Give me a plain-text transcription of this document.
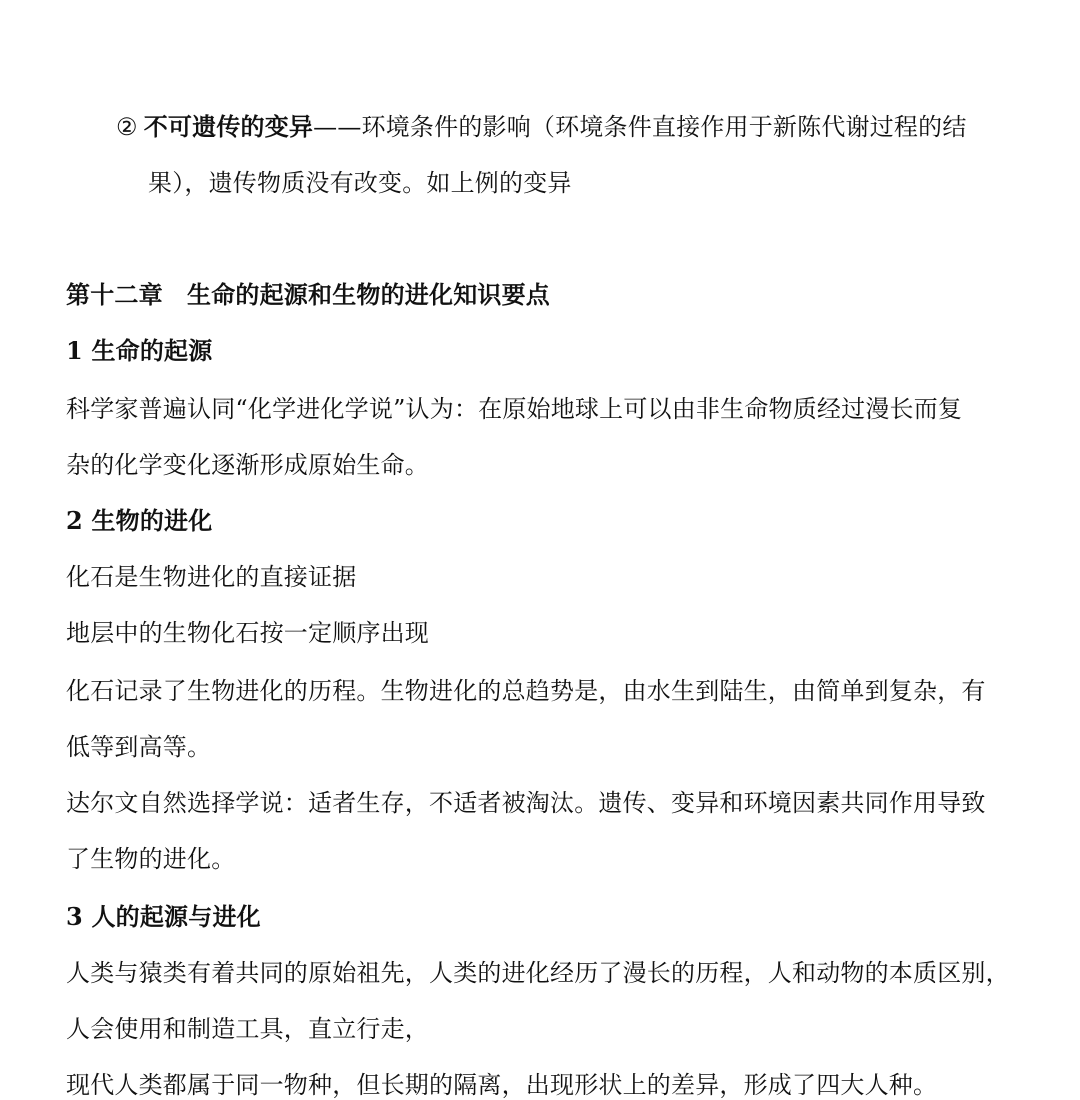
② 不可遗传的变异——环境条件的影响（环境条件直接作用于新陈代谢过程的结
果），遗传物质没有改变。如上例的变异
第十二章　生命的起源和生物的进化知识要点
1 生命的起源
科学家普遍认同“化学进化学说”认为：在原始地球上可以由非生命物质经过漫长而复
杂的化学变化逐渐形成原始生命。
2 生物的进化
化石是生物进化的直接证据
地层中的生物化石按一定顺序出现
化石记录了生物进化的历程。生物进化的总趋势是，由水生到陆生，由简单到复杂，有
低等到高等。
达尔文自然选择学说：适者生存，不适者被淘汰。遗传、变异和环境因素共同作用导致
了生物的进化。
3 人的起源与进化
人类与猿类有着共同的原始祖先，人类的进化经历了漫长的历程，人和动物的本质区别，
人会使用和制造工具，直立行走，
现代人类都属于同一物种，但长期的隔离，出现形状上的差异，形成了四大人种。
